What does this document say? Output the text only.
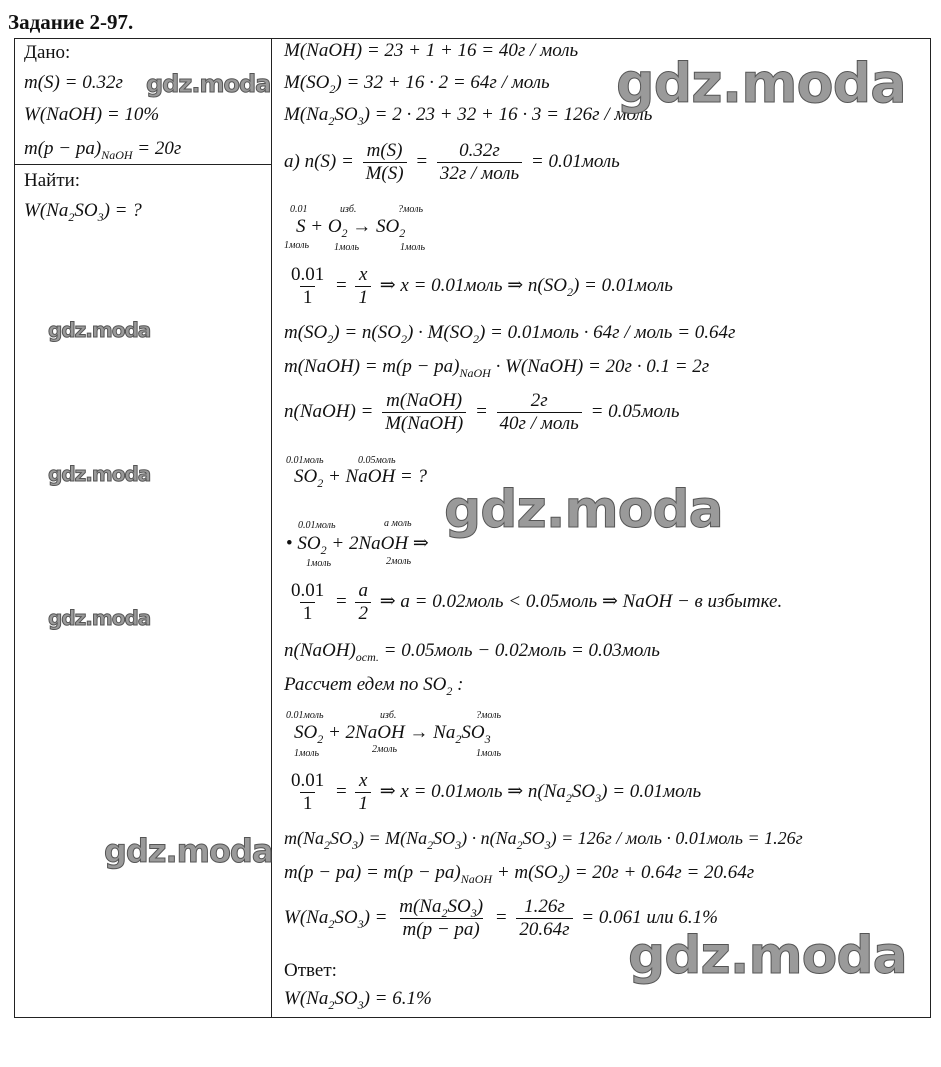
Задание 2-97.
Дано:
m(S) = 0.32г
W(NaOH) = 10%
$m(p - pa)_{NaOH} = 20г$
Найти:
$W(Na_2SO_3)$ = ?
M(NaOH) = 23 + 1 + 16 = 40г / моль
$M(SO_2) = 32 + 16 \cdot 2 = 64г$ / моль
$M(Na_2SO_3) = 2 \cdot 23 + 32 + 16 \cdot 3 = 126г$ / моль
а) $n(S) = \frac{m(S)}{M(S)} = \frac{0.32г}{\text{32г / моль}}$ = 0.01моль
0.01	изб.	?моль
$S + O_2 \to SO_2$
1моль 1моль	1моль
$\frac{0.01}{1} = \frac{x}{1}$ ⇒ x = 0.01моль ⇒ $n(SO_2)$ = 0.01моль
$m(SO_2) = n(SO_2) \cdot M(SO_2)$ = 0.01моль · 64г / моль = 0.64г
m(NaOH) = $m(p - pa)_{NaOH}$ · W(NaOH) = 20г · 0.1 = 2г
n(NaOH) = $\frac{\text{m(NaOH)}}{\text{M(NaOH)}} = \frac{2г}{\text{40г / моль}}$ = 0.05моль
0.01моль	0.05моль
$SO_2$ + NaOH = ?
0.01моль	а моль
• $SO_2$ + 2NaOH ⇒
1моль	2моль
$\frac{0.01}{1} = \frac{a}{2}$ ⇒ a = 0.02моль < 0.05моль ⇒ NaOH − в избытке.
$n(NaOH)_{ост.}$ = 0.05моль − 0.02моль = 0.03моль
Рассчет едем по $SO_2$ :
0.01моль	изб.	?моль
$SO_2$ + 2NaOH → $Na_2SO_3$
1моль	2моль	1моль
$\frac{0.01}{1} = \frac{x}{1}$ ⇒ x = 0.01моль ⇒ $n(Na_2SO_3)$ = 0.01моль
$m(Na_2SO_3) = M(Na_2SO_3) \cdot n(Na_2SO_3) = 126г$ / моль · 0.01моль = 1.26г
$m(p - pa) = m(p - pa)_{NaOH} + m(SO_2) = 20г + 0.64г = 20.64г$
$W(Na_2SO_3) = \frac{m(Na_2SO_3)}{m(p - pa)} = \frac{1.26г}{20.64г} = 0.061$ или 6.1%
Ответ:
$W(Na_2SO_3) = 6.1\%$
gdz.moda	gdz.moda
gdz.moda
gdz.moda
gdz.moda
gdz.moda
gdz.moda
gdz.moda
